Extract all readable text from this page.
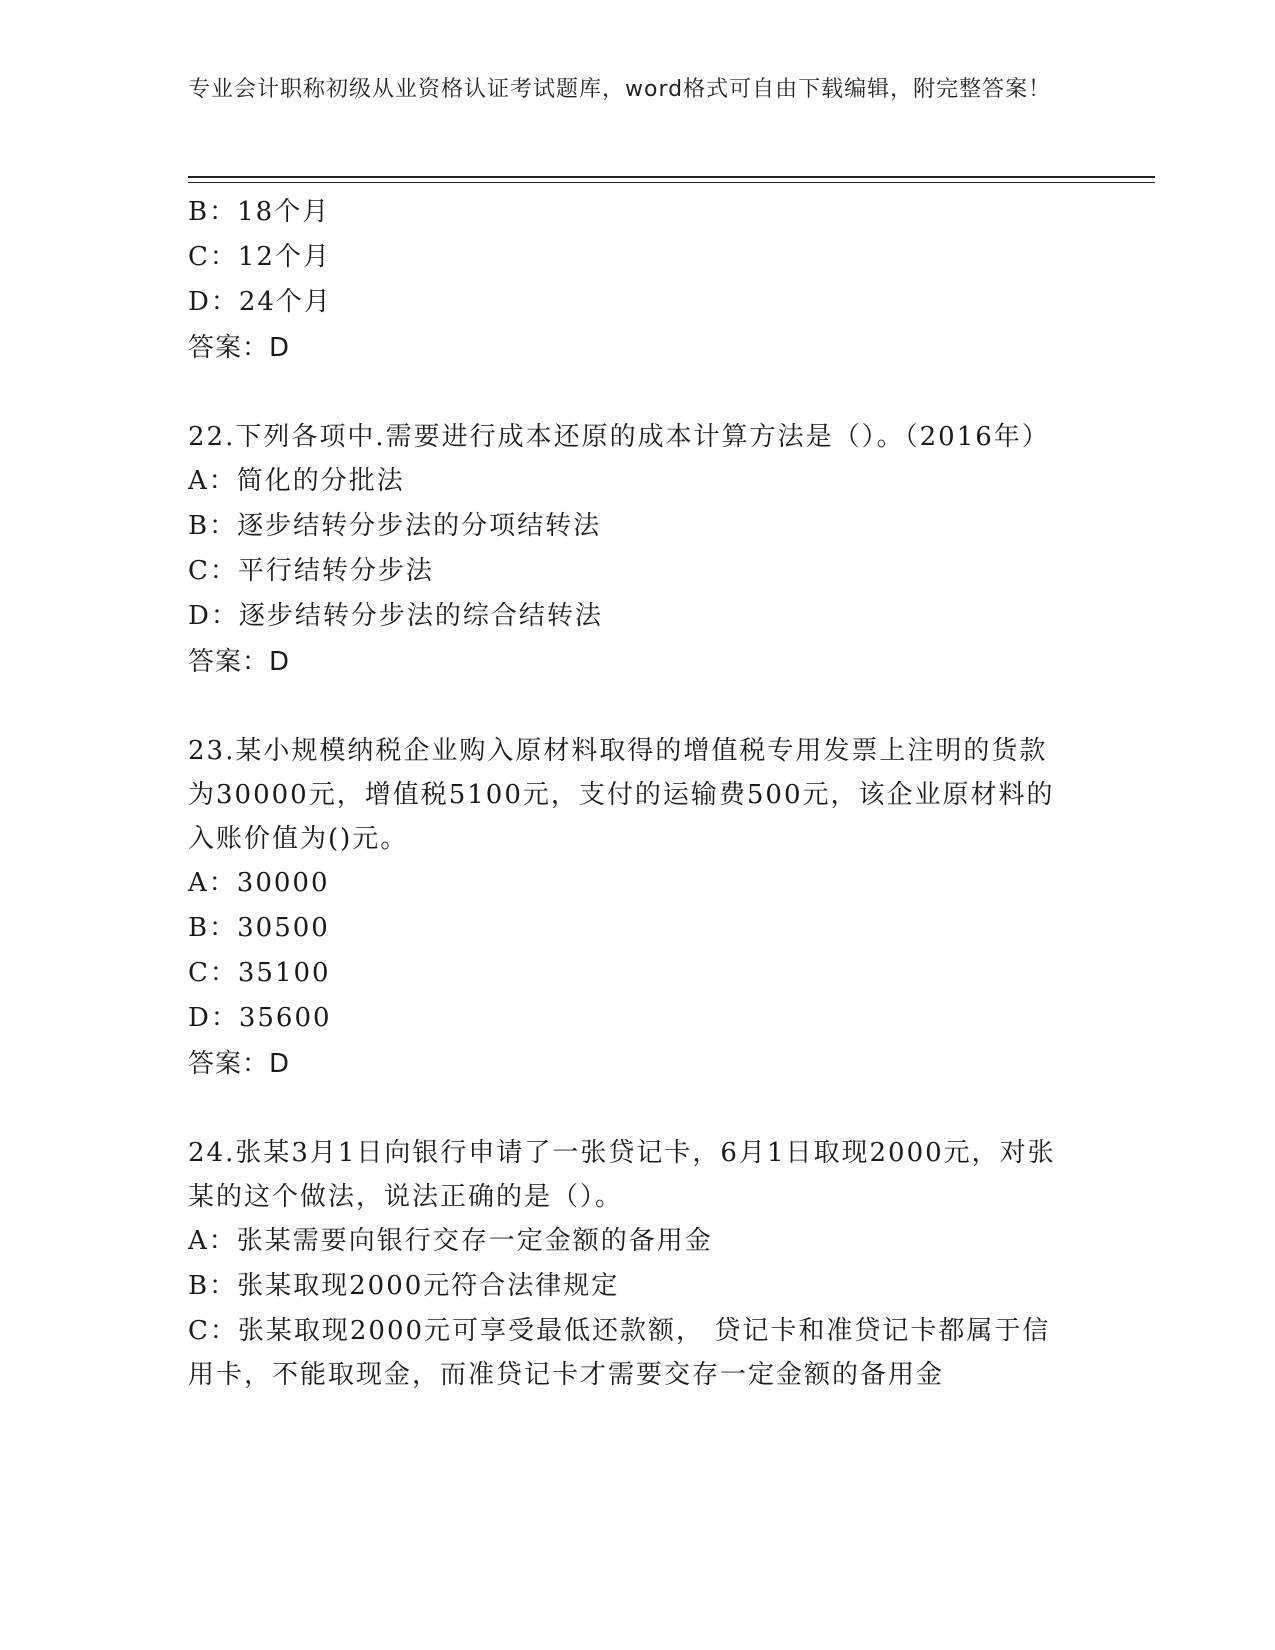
专业会计职称初级从业资格认证考试题库，word格式可自由下载编辑，附完整答案！
B：18个月
C：12个月
D：24个月
答案：D
22.下列各项中.需要进行成本还原的成本计算方法是（）。（2016年）
A：简化的分批法
B：逐步结转分步法的分项结转法
C：平行结转分步法
D：逐步结转分步法的综合结转法
答案：D
23.某小规模纳税企业购入原材料取得的增值税专用发票上注明的货款为30000元，增值税5100元，支付的运输费500元，该企业原材料的入账价值为()元。
A：30000
B：30500
C：35100
D：35600
答案：D
24.张某3月1日向银行申请了一张贷记卡，6月1日取现2000元，对张某的这个做法，说法正确的是（）。
A：张某需要向银行交存一定金额的备用金
B：张某取现2000元符合法律规定
C：张某取现2000元可享受最低还款额， 贷记卡和准贷记卡都属于信用卡，不能取现金，而准贷记卡才需要交存一定金额的备用金
